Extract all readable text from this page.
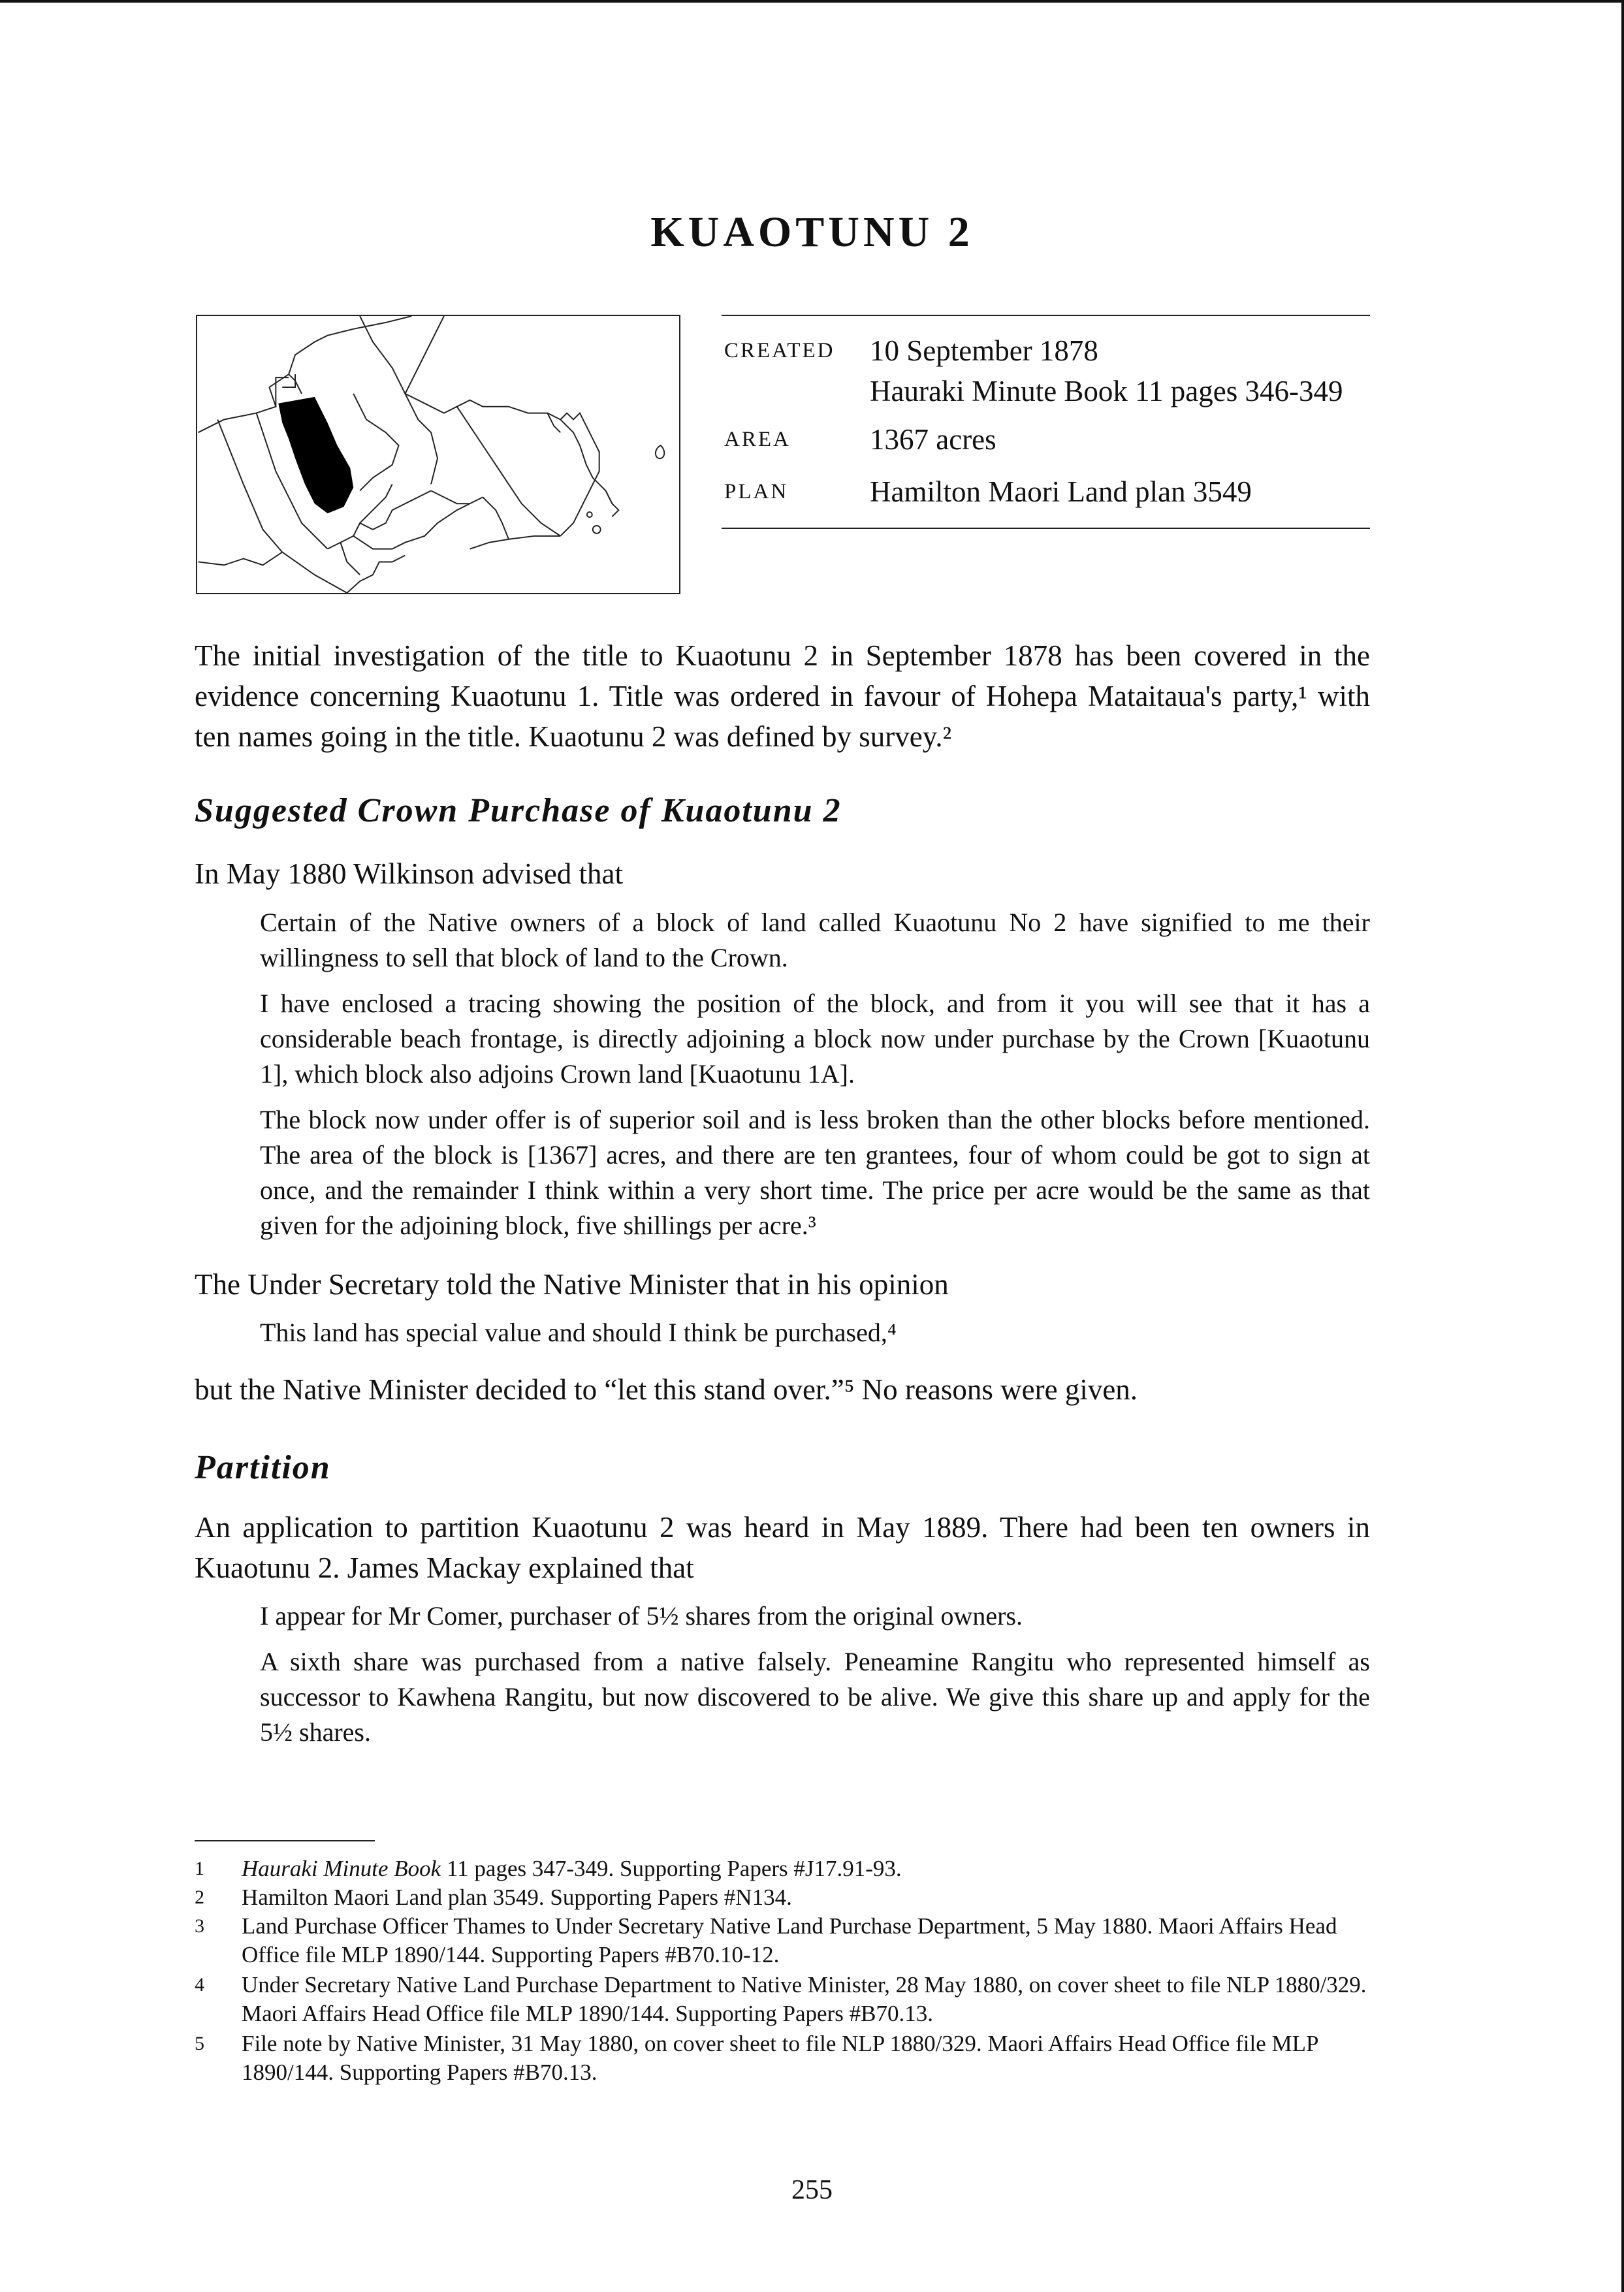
KUAOTUNU 2
CREATED 10 September 1878
Hauraki Minute Book 11 pages 346-349
AREA	1367 acres
PLAN	Hamilton Maori Land plan 3549

The initial investigation of the title to Kuaotunu 2 in September 1878 has been covered in the evidence concerning Kuaotunu 1. Title was ordered in favour of Hohepa Mataitaua's party,¹ with ten names going in the title. Kuaotunu 2 was defined by survey.²

Suggested Crown Purchase of Kuaotunu 2

In May 1880 Wilkinson advised that

Certain of the Native owners of a block of land called Kuaotunu No 2 have signified to me their willingness to sell that block of land to the Crown.

I have enclosed a tracing showing the position of the block, and from it you will see that it has a considerable beach frontage, is directly adjoining a block now under purchase by the Crown [Kuaotunu 1], which block also adjoins Crown land [Kuaotunu 1A].

The block now under offer is of superior soil and is less broken than the other blocks before mentioned. The area of the block is [1367] acres, and there are ten grantees, four of whom could be got to sign at once, and the remainder I think within a very short time. The price per acre would be the same as that given for the adjoining block, five shillings per acre.³

The Under Secretary told the Native Minister that in his opinion

This land has special value and should I think be purchased,⁴

but the Native Minister decided to “let this stand over.”⁵ No reasons were given.

Partition

An application to partition Kuaotunu 2 was heard in May 1889. There had been ten owners in Kuaotunu 2. James Mackay explained that

I appear for Mr Comer, purchaser of 5½ shares from the original owners.

A sixth share was purchased from a native falsely. Peneamine Rangitu who represented himself as successor to Kawhena Rangitu, but now discovered to be alive. We give this share up and apply for the 5½ shares.

1 Hauraki Minute Book 11 pages 347-349. Supporting Papers #J17.91-93.
2 Hamilton Maori Land plan 3549. Supporting Papers #N134.
3 Land Purchase Officer Thames to Under Secretary Native Land Purchase Department, 5 May 1880. Maori Affairs Head Office file MLP 1890/144. Supporting Papers #B70.10-12.
4 Under Secretary Native Land Purchase Department to Native Minister, 28 May 1880, on cover sheet to file NLP 1880/329. Maori Affairs Head Office file MLP 1890/144. Supporting Papers #B70.13.
5 File note by Native Minister, 31 May 1880, on cover sheet to file NLP 1880/329. Maori Affairs Head Office file MLP 1890/144. Supporting Papers #B70.13.
255
